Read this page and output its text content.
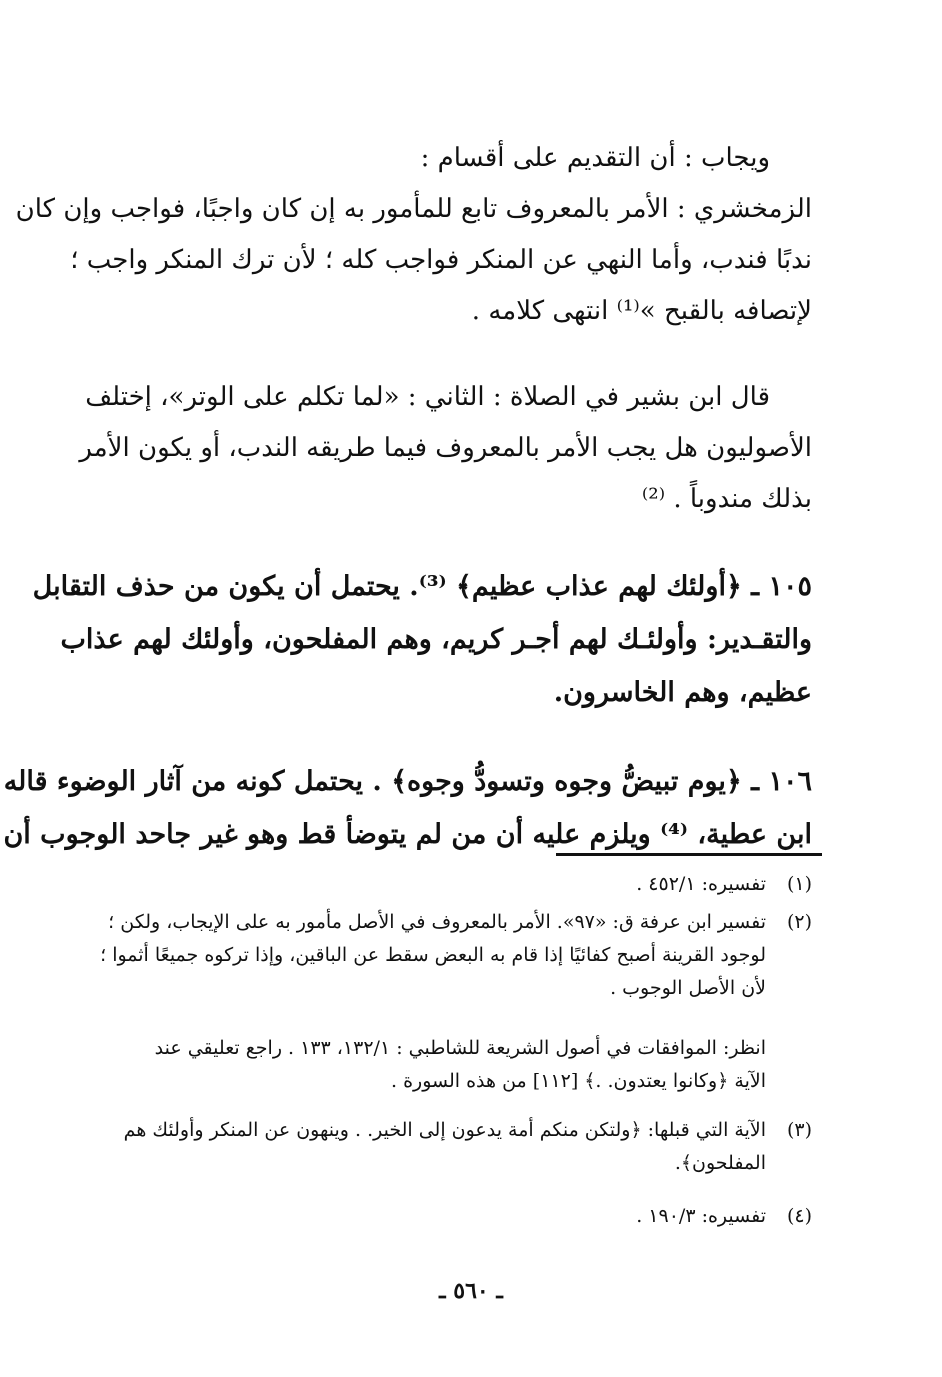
ويجاب : أن التقديم على أقسام :
الزمخشري : الأمر بالمعروف تابع للمأمور به إن كان واجبًا، فواجب وإن كان
ندبًا فندب، وأما النهي عن المنكر فواجب كله ؛ لأن ترك المنكر واجب ؛
لإتصافه بالقبح »⁽¹⁾ انتهى كلامه .
قال ابن بشير في الصلاة : الثاني : «لما تكلم على الوتر»، إختلف
الأصوليون هل يجب الأمر بالمعروف فيما طريقه الندب، أو يكون الأمر
بذلك مندوباً . ⁽²⁾
١٠٥ ـ ﴿أولئك لهم عذاب عظيم﴾ ⁽³⁾. يحتمل أن يكون من حذف التقابل
والتقـدير: وأولئـك لهم أجـر كريم، وهم المفلحون، وأولئك لهم عذاب
عظيم، وهم الخاسرون.
١٠٦ ـ ﴿يوم تبيضُّ وجوه وتسودُّ وجوه﴾ . يحتمل كونه من آثار الوضوء قاله
ابن عطية، ⁽⁴⁾ ويلزم عليه أن من لم يتوضأ قط وهو غير جاحد الوجوب أن
(١)تفسيره: ٤٥٢/١ .
(٢)تفسير ابن عرفة ق: «٩٧». الأمر بالمعروف في الأصل مأمور به على الإيجاب، ولكن ؛
لوجود القرينة أصبح كفائيًا إذا قام به البعض سقط عن الباقين، وإذا تركوه جميعًا أثموا ؛
لأن الأصل الوجوب .
انظر: الموافقات في أصول الشريعة للشاطبي : ١٣٢/١، ١٣٣ . راجع تعليقي عند
الآية ﴿وكانوا يعتدون. .﴾ [١١٢] من هذه السورة .
(٣)الآية التي قبلها: ﴿ولتكن منكم أمة يدعون إلى الخير. . وينهون عن المنكر وأولئك هم
المفلحون﴾.
(٤)تفسيره: ١٩٠/٣ .
ـ ٥٦٠ ـ
